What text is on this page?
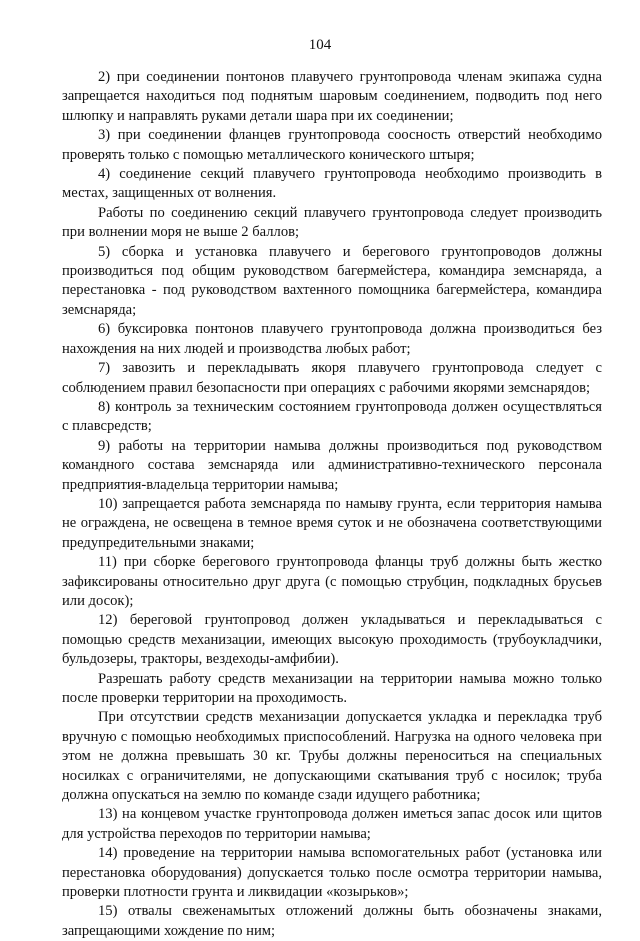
104

2) при соединении понтонов плавучего грунтопровода членам экипажа судна запрещается находиться под поднятым шаровым соединением, подводить под него шлюпку и направлять руками детали шара при их соединении;

3) при соединении фланцев грунтопровода соосность отверстий необходимо проверять только с помощью металлического конического штыря;

4) соединение секций плавучего грунтопровода необходимо производить в местах, защищенных от волнения.

Работы по соединению секций плавучего грунтопровода следует производить при волнении моря не выше 2 баллов;

5) сборка и установка плавучего и берегового грунтопроводов должны производиться под общим руководством багермейстера, командира земснаряда, а перестановка - под руководством вахтенного помощника багермейстера, командира земснаряда;

6) буксировка понтонов плавучего грунтопровода должна производиться без нахождения на них людей и производства любых работ;

7) завозить и перекладывать якоря плавучего грунтопровода следует с соблюдением правил безопасности при операциях с рабочими якорями земснарядов;

8) контроль за техническим состоянием грунтопровода должен осуществляться с плавсредств;

9) работы на территории намыва должны производиться под руководством командного состава земснаряда или административно-технического персонала предприятия-владельца территории намыва;

10) запрещается работа земснаряда по намыву грунта, если территория намыва не ограждена, не освещена в темное время суток и не обозначена соответствующими предупредительными знаками;

11) при сборке берегового грунтопровода фланцы труб должны быть жестко зафиксированы относительно друг друга (с помощью струбцин, подкладных брусьев или досок);

12) береговой грунтопровод должен укладываться и перекладываться с помощью средств механизации, имеющих высокую проходимость (трубоукладчики, бульдозеры, тракторы, вездеходы-амфибии).

Разрешать работу средств механизации на территории намыва можно только после проверки территории на проходимость.

При отсутствии средств механизации допускается укладка и перекладка труб вручную с помощью необходимых приспособлений. Нагрузка на одного человека при этом не должна превышать 30 кг. Трубы должны переноситься на специальных носилках с ограничителями, не допускающими скатывания труб с носилок; труба должна опускаться на землю по команде сзади идущего работника;

13) на концевом участке грунтопровода должен иметься запас досок или щитов для устройства переходов по территории намыва;

14) проведение на территории намыва вспомогательных работ (установка или перестановка оборудования) допускается только после осмотра территории намыва, проверки плотности грунта и ликвидации «козырьков»;

15) отвалы свеженамытых отложений должны быть обозначены знаками, запрещающими хождение по ним;
